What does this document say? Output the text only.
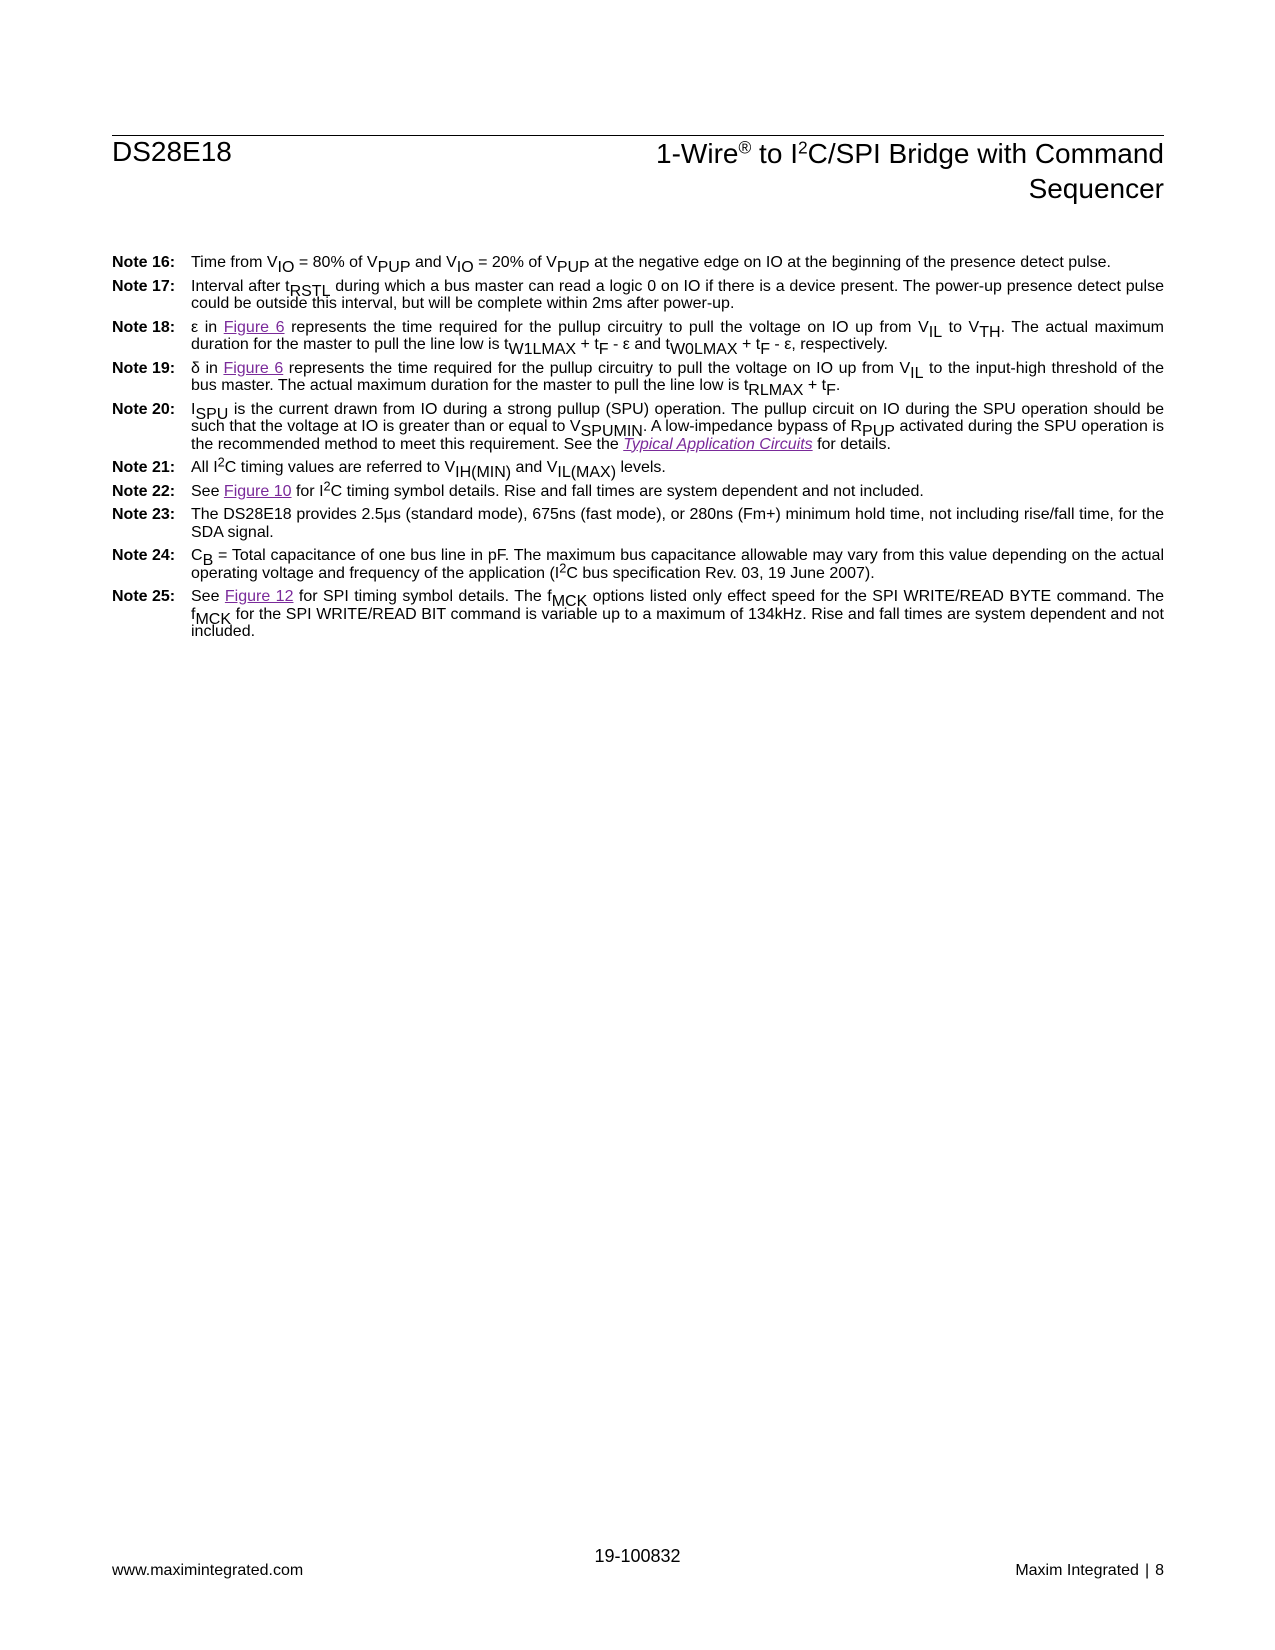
DS28E18	1-Wire® to $I^2C$/SPI Bridge with Command
Sequencer
Note 16: Time from $V_{IO} = 80\%$ of $V_{PUP}$ and $V_{IO} = 20\%$ of $V_{PUP}$ at the negative edge on IO at the beginning of the presence detect pulse.
Note 17: Interval after $t_{RSTL}$ during which a bus master can read a logic 0 on IO if there is a device present. The power-up presence detect pulse could be outside this interval, but will be complete within 2ms after power-up.
Note 18: ε in Figure 6 represents the time required for the pullup circuitry to pull the voltage on IO up from $V_{IL}$ to $V_{TH}$. The actual maximum duration for the master to pull the line low is $t_{W1LMAX} + t_F - \varepsilon$ and $t_{W0LMAX} + t_F - \varepsilon$, respectively.
Note 19: δ in Figure 6 represents the time required for the pullup circuitry to pull the voltage on IO up from $V_{IL}$ to the input-high threshold of the bus master. The actual maximum duration for the master to pull the line low is $t_{RLMAX} + t_F$.
Note 20: $I_{SPU}$ is the current drawn from IO during a strong pullup (SPU) operation. The pullup circuit on IO during the SPU operation should be such that the voltage at IO is greater than or equal to $V_{SPUMIN}$. A low-impedance bypass of $R_{PUP}$ activated during the SPU operation is the recommended method to meet this requirement. See the Typical Application Circuits for details.
Note 21: All $I^2C$ timing values are referred to $V_{IH(MIN)}$ and $V_{IL(MAX)}$ levels.
Note 22: See Figure 10 for $I^2C$ timing symbol details. Rise and fall times are system dependent and not included.
Note 23: The DS28E18 provides 2.5μs (standard mode), 675ns (fast mode), or 280ns (Fm+) minimum hold time, not including rise/fall time, for the SDA signal.
Note 24: $C_B$ = Total capacitance of one bus line in pF. The maximum bus capacitance allowable may vary from this value depending on the actual operating voltage and frequency of the application ($I^2C$ bus specification Rev. 03, 19 June 2007).
Note 25: See Figure 12 for SPI timing symbol details. The $f_{MCK}$ options listed only effect speed for the SPI WRITE/READ BYTE command. The $f_{MCK}$ for the SPI WRITE/READ BIT command is variable up to a maximum of 134kHz. Rise and fall times are system dependent and not included.
19-100832
www.maximintegrated.com	Maxim Integrated | 8
